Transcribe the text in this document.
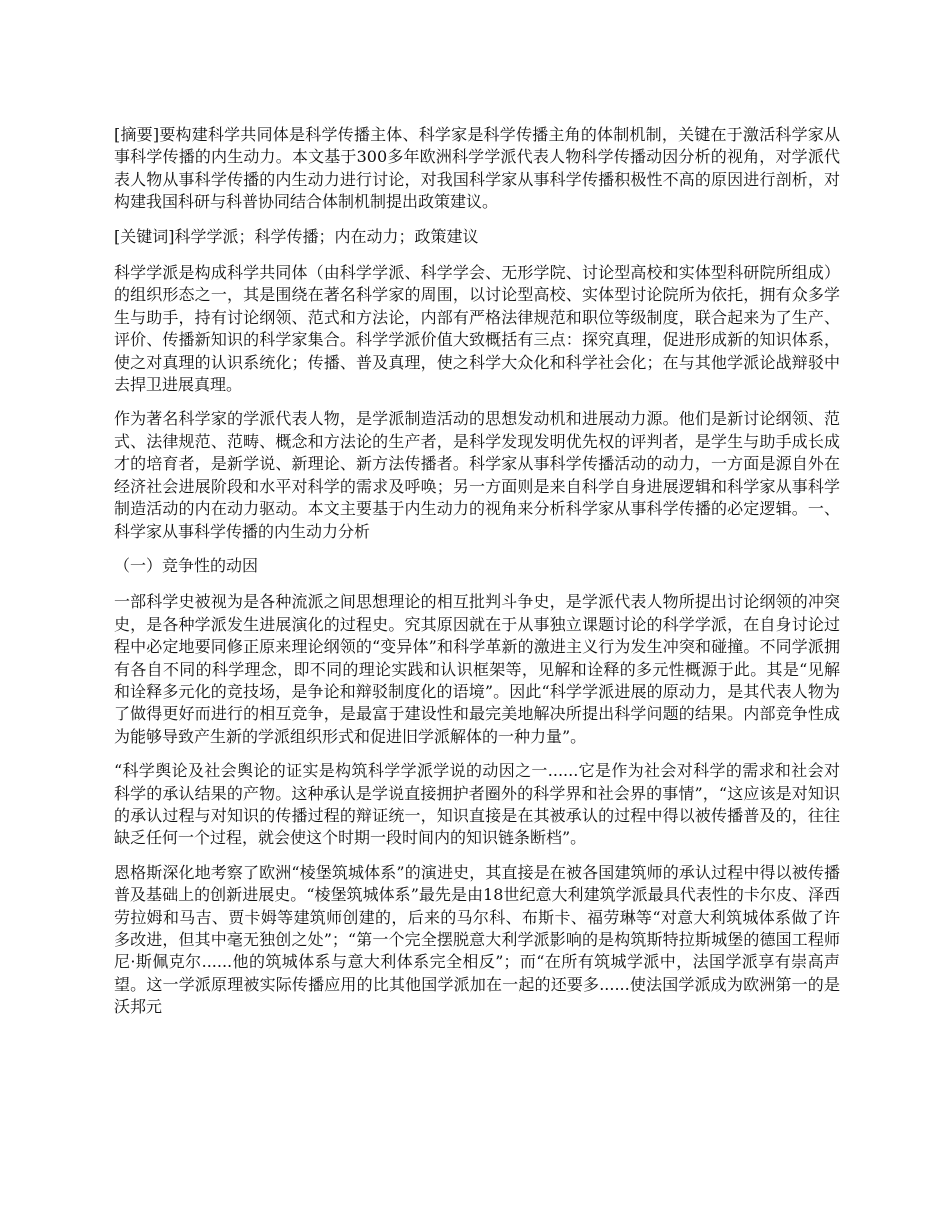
[摘要]要构建科学共同体是科学传播主体、科学家是科学传播主角的体制机制，关键在于激活科学家从事科学传播的内生动力。本文基于300多年欧洲科学学派代表人物科学传播动因分析的视角，对学派代表人物从事科学传播的内生动力进行讨论，对我国科学家从事科学传播积极性不高的原因进行剖析，对构建我国科研与科普协同结合体制机制提出政策建议。

[关键词]科学学派；科学传播；内在动力；政策建议

科学学派是构成科学共同体（由科学学派、科学学会、无形学院、讨论型高校和实体型科研院所组成）的组织形态之一，其是围绕在著名科学家的周围，以讨论型高校、实体型讨论院所为依托，拥有众多学生与助手，持有讨论纲领、范式和方法论，内部有严格法律规范和职位等级制度，联合起来为了生产、评价、传播新知识的科学家集合。科学学派价值大致概括有三点：探究真理，促进形成新的知识体系，使之对真理的认识系统化；传播、普及真理，使之科学大众化和科学社会化；在与其他学派论战辩驳中去捍卫进展真理。

作为著名科学家的学派代表人物，是学派制造活动的思想发动机和进展动力源。他们是新讨论纲领、范式、法律规范、范畴、概念和方法论的生产者，是科学发现发明优先权的评判者，是学生与助手成长成才的培育者，是新学说、新理论、新方法传播者。科学家从事科学传播活动的动力，一方面是源自外在经济社会进展阶段和水平对科学的需求及呼唤；另一方面则是来自科学自身进展逻辑和科学家从事科学制造活动的内在动力驱动。本文主要基于内生动力的视角来分析科学家从事科学传播的必定逻辑。一、科学家从事科学传播的内生动力分析

（一）竞争性的动因

一部科学史被视为是各种流派之间思想理论的相互批判斗争史，是学派代表人物所提出讨论纲领的冲突史，是各种学派发生进展演化的过程史。究其原因就在于从事独立课题讨论的科学学派，在自身讨论过程中必定地要同修正原来理论纲领的“变异体”和科学革新的激进主义行为发生冲突和碰撞。不同学派拥有各自不同的科学理念，即不同的理论实践和认识框架等，见解和诠释的多元性概源于此。其是“见解和诠释多元化的竞技场，是争论和辩驳制度化的语境”。因此“科学学派进展的原动力，是其代表人物为了做得更好而进行的相互竞争，是最富于建设性和最完美地解决所提出科学问题的结果。内部竞争性成为能够导致产生新的学派组织形式和促进旧学派解体的一种力量”。

“科学舆论及社会舆论的证实是构筑科学学派学说的动因之一......它是作为社会对科学的需求和社会对科学的承认结果的产物。这种承认是学说直接拥护者圈外的科学界和社会界的事情”，“这应该是对知识的承认过程与对知识的传播过程的辩证统一，知识直接是在其被承认的过程中得以被传播普及的，往往缺乏任何一个过程，就会使这个时期一段时间内的知识链条断档”。

恩格斯深化地考察了欧洲“棱堡筑城体系”的演进史，其直接是在被各国建筑师的承认过程中得以被传播普及基础上的创新进展史。“棱堡筑城体系”最先是由18世纪意大利建筑学派最具代表性的卡尔皮、泽西劳拉姆和马吉、贾卡姆等建筑师创建的，后来的马尔科、布斯卡、福劳琳等“对意大利筑城体系做了许多改进，但其中毫无独创之处”；“第一个完全摆脱意大利学派影响的是构筑斯特拉斯城堡的德国工程师尼·斯佩克尔......他的筑城体系与意大利体系完全相反”；而“在所有筑城学派中，法国学派享有崇高声望。这一学派原理被实际传播应用的比其他国学派加在一起的还要多......使法国学派成为欧洲第一的是沃邦元
